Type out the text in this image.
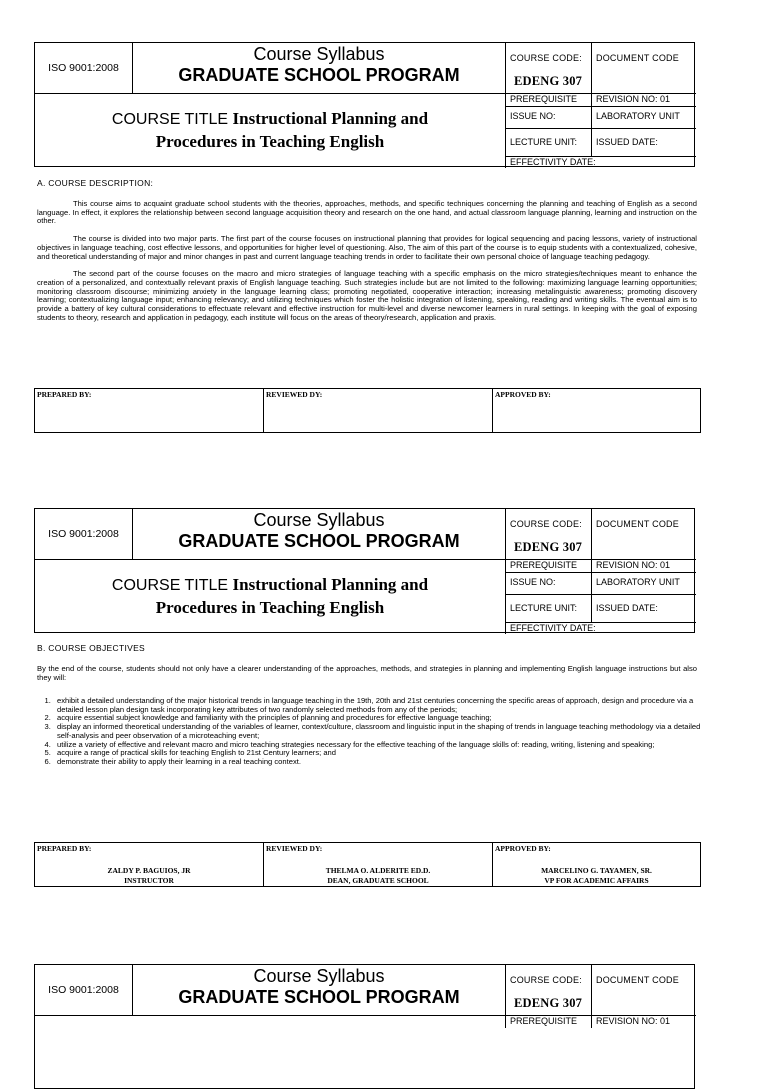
ISO 9001:2008
Course Syllabus
GRADUATE SCHOOL PROGRAM
COURSE CODE:
EDENG 307
DOCUMENT CODE
COURSE TITLE Instructional Planning and
Procedures in Teaching English
PREREQUISITE	REVISION NO: 01
ISSUE NO:	LABORATORY UNIT
LECTURE UNIT:	ISSUED DATE:
EFFECTIVITY DATE:
A. COURSE DESCRIPTION:

This course aims to acquaint graduate school students with the theories, approaches, methods, and specific techniques concerning the planning and teaching of English as a second language. In effect, it explores the relationship between second language acquisition theory and research on the one hand, and actual classroom language planning, learning and instruction on the other.

The course is divided into two major parts. The first part of the course focuses on instructional planning that provides for logical sequencing and pacing lessons, variety of instructional objectives in language teaching, cost effective lessons, and opportunities for higher level of questioning. Also, The aim of this part of the course is to equip students with a contextualized, cohesive, and theoretical understanding of major and minor changes in past and current language teaching trends in order to facilitate their own personal choice of language teaching pedagogy.

The second part of the course focuses on the macro and micro strategies of language teaching with a specific emphasis on the micro strategies/techniques meant to enhance the creation of a personalized, and contextually relevant praxis of English language teaching. Such strategies include but are not limited to the following: maximizing language learning opportunities; monitoring classroom discourse; minimizing anxiety in the language learning class; promoting negotiated, cooperative interaction; increasing metalinguistic awareness; promoting discovery learning; contextualizing language input; enhancing relevancy; and utilizing techniques which foster the holistic integration of listening, speaking, reading and writing skills. The eventual aim is to provide a battery of key cultural considerations to effectuate relevant and effective instruction for multi-level and diverse newcomer learners in rural settings. In keeping with the goal of exposing students to theory, research and application in pedagogy, each institute will focus on the areas of theory/research, application and praxis.

PREPARED BY:	REVIEWED DY:	APPROVED BY:
ISO 9001:2008
Course Syllabus
GRADUATE SCHOOL PROGRAM
COURSE CODE:
EDENG 307
DOCUMENT CODE
COURSE TITLE Instructional Planning and
Procedures in Teaching English
PREREQUISITE	REVISION NO: 01
ISSUE NO:	LABORATORY UNIT
LECTURE UNIT:	ISSUED DATE:
EFFECTIVITY DATE:
B. COURSE OBJECTIVES
By the end of the course, students should not only have a clearer understanding of the approaches, methods, and strategies in planning and implementing English language instructions but also they will:
1. exhibit a detailed understanding of the major historical trends in language teaching in the 19th, 20th and 21st centuries concerning the specific areas of approach, design and procedure via a detailed lesson plan design task incorporating key attributes of two randomly selected methods from any of the periods;
2. acquire essential subject knowledge and familiarity with the principles of planning and procedures for effective language teaching;
3. display an informed theoretical understanding of the variables of learner, context/culture, classroom and linguistic input in the shaping of trends in language teaching methodology via a detailed self-analysis and peer observation of a microteaching event;
4. utilize a variety of effective and relevant macro and micro teaching strategies necessary for the effective teaching of the language skills of: reading, writing, listening and speaking;
5. acquire a range of practical skills for teaching English to 21st Century learners; and
6. demonstrate their ability to apply their learning in a real teaching context.
PREPARED BY:
ZALDY P. BAGUIOS, JR
INSTRUCTOR
REVIEWED DY:
THELMA O. ALDERITE ED.D.
DEAN, GRADUATE SCHOOL
APPROVED BY:
MARCELINO G. TAYAMEN, SR.
VP FOR ACADEMIC AFFAIRS
ISO 9001:2008
Course Syllabus
GRADUATE SCHOOL PROGRAM
COURSE CODE:
EDENG 307
DOCUMENT CODE
PREREQUISITE	REVISION NO: 01
